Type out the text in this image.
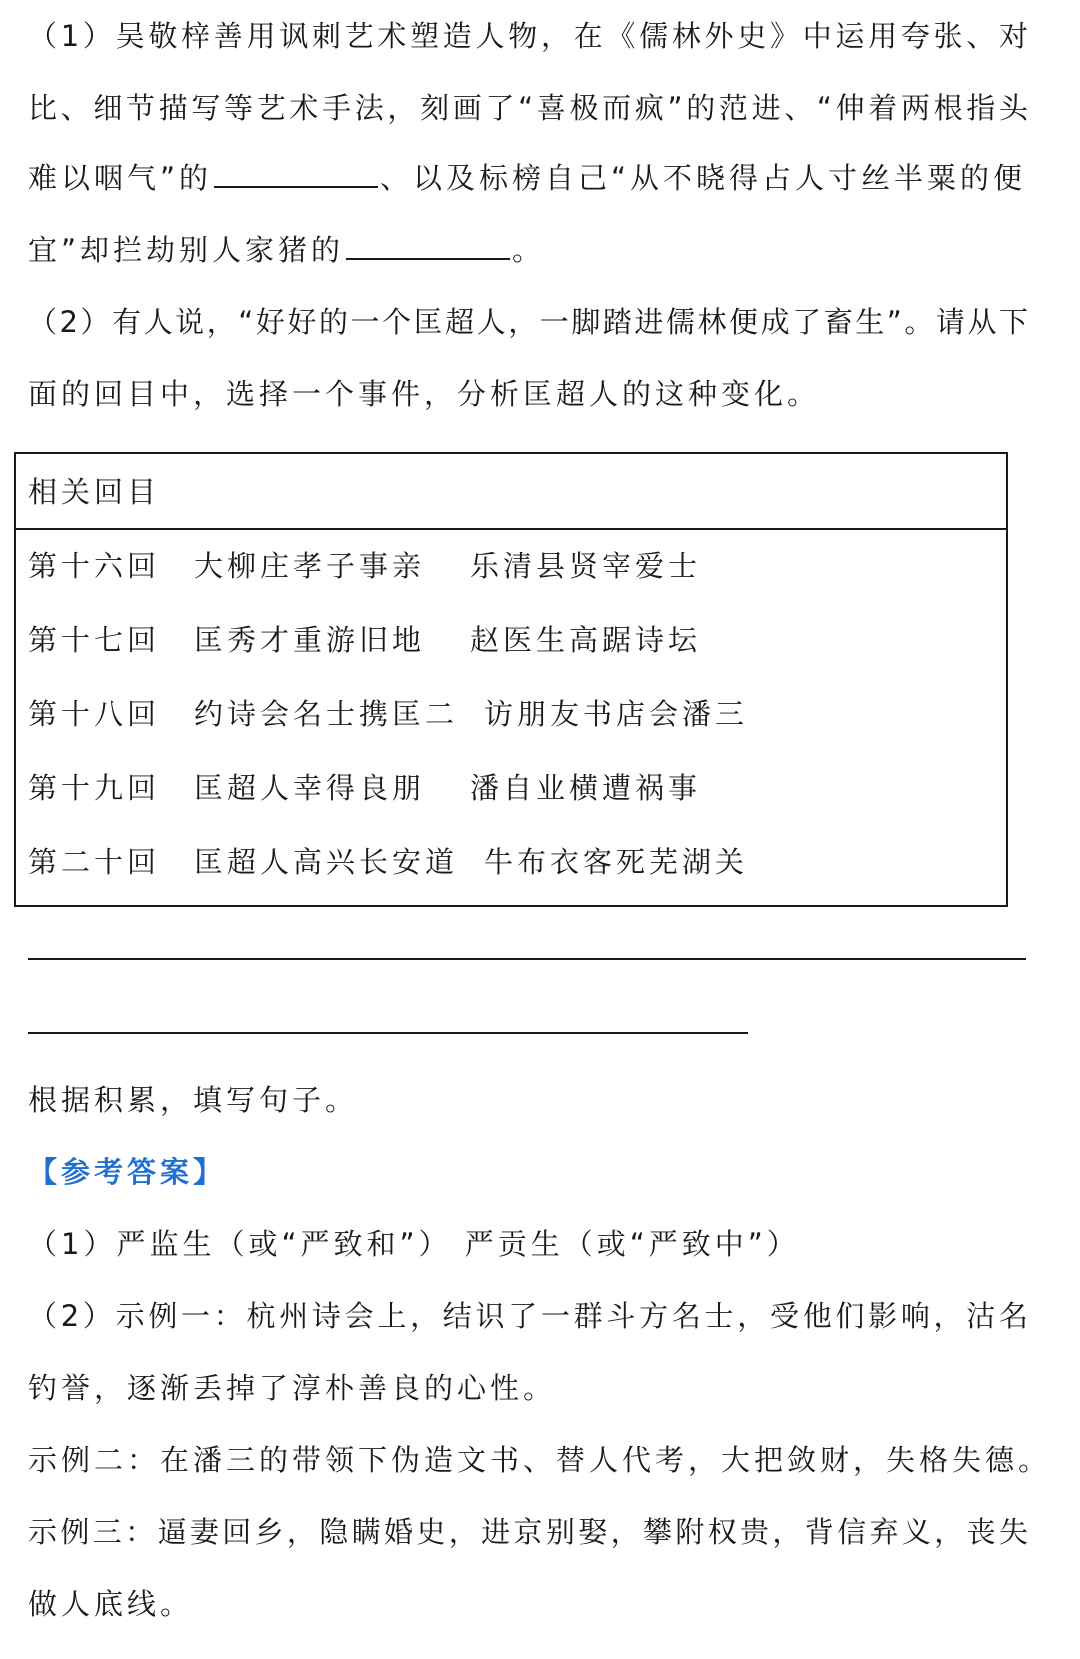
（1）吴敬梓善用讽刺艺术塑造人物，在《儒林外史》中运用夸张、对
比、细节描写等艺术手法，刻画了“喜极而疯”的范进、“伸着两根指头
难以咽气”的	、以及标榜自己“从不晓得占人寸丝半粟的便
宜”却拦劫别人家猪的	。
（2）有人说，“好好的一个匡超人，一脚踏进儒林便成了畜生”。请从下
面的回目中，选择一个事件，分析匡超人的这种变化。
相关回目
第十六回 大柳庄孝子事亲 乐清县贤宰爱士
第十七回 匡秀才重游旧地 赵医生高踞诗坛
第十八回 约诗会名士携匡二 访朋友书店会潘三
第十九回 匡超人幸得良朋 潘自业横遭祸事
第二十回 匡超人高兴长安道 牛布衣客死芜湖关
根据积累，填写句子。
【参考答案】
（1）严监生（或“严致和”） 严贡生（或“严致中”）
（2）示例一：杭州诗会上，结识了一群斗方名士，受他们影响，沽名
钓誉，逐渐丢掉了淳朴善良的心性。
示例二：在潘三的带领下伪造文书、替人代考，大把敛财，失格失德。
示例三：逼妻回乡，隐瞒婚史，进京别娶，攀附权贵，背信弃义，丧失
做人底线。
